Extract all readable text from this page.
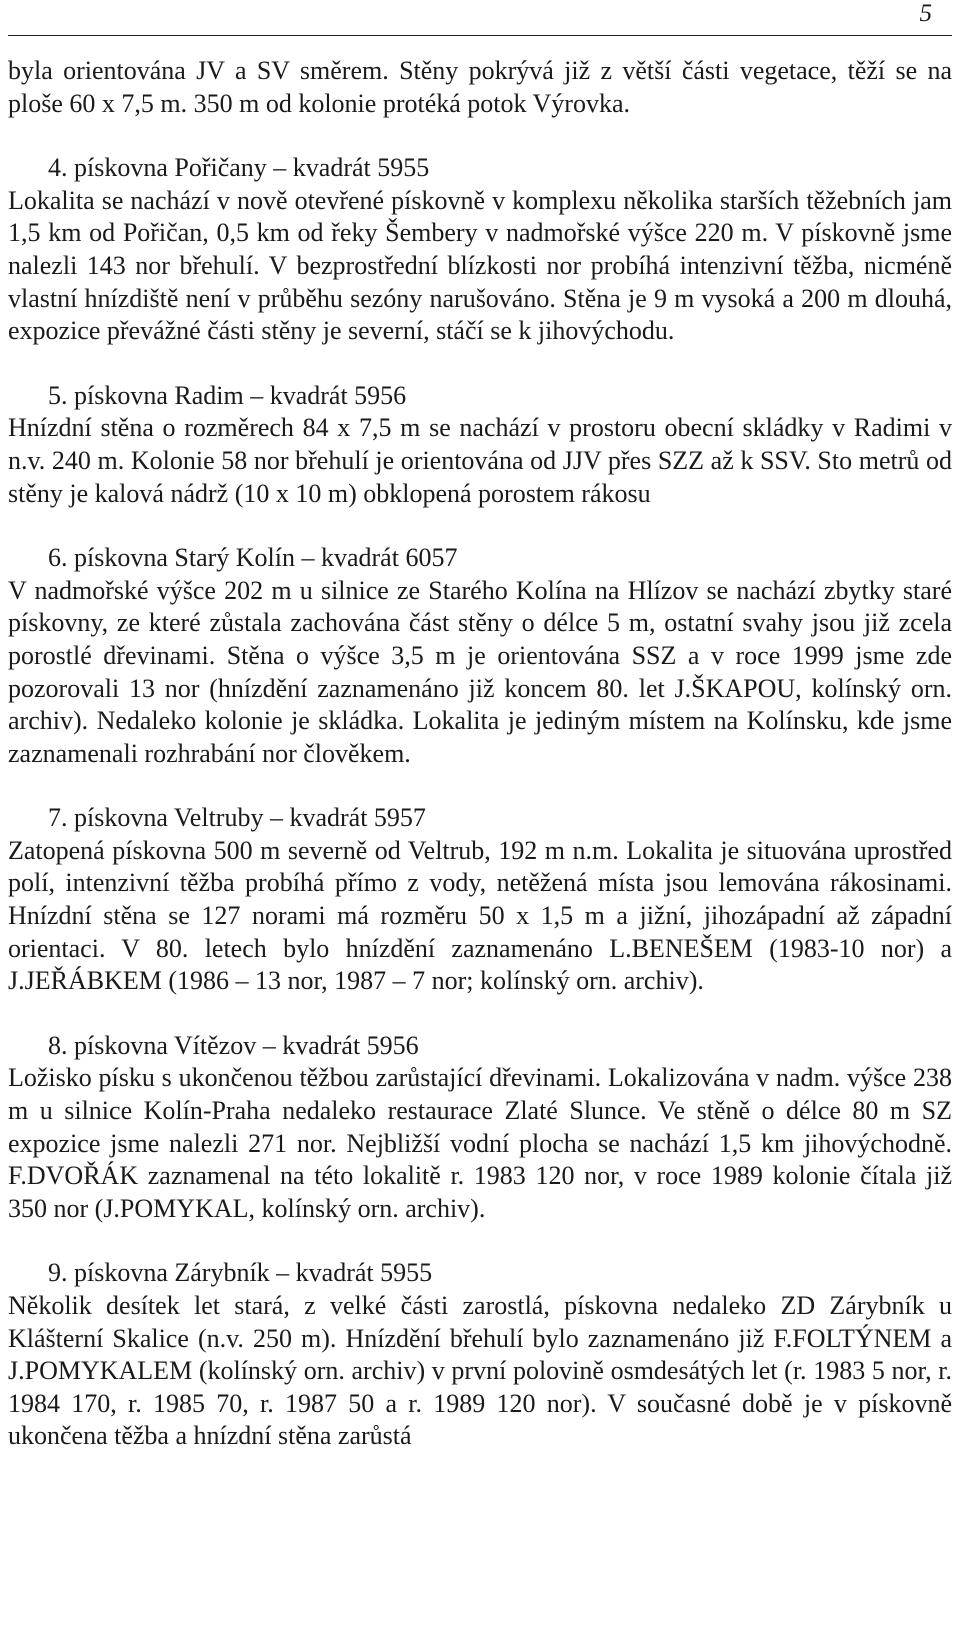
5

byla orientována JV a SV směrem. Stěny pokrývá již z větší části vegetace, těží se na ploše 60 x 7,5 m. 350 m od kolonie protéká potok Výrovka.

4. pískovna Pořičany – kvadrát 5955

Lokalita se nachází v nově otevřené pískovně v komplexu několika starších těžebních jam 1,5 km od Pořičan, 0,5 km od řeky Šembery v nadmořské výšce 220 m. V pískovně jsme nalezli 143 nor břehulí. V bezprostřední blízkosti nor probíhá intenzivní těžba, nicméně vlastní hnízdiště není v průběhu sezóny narušováno. Stěna je 9 m vysoká a 200 m dlouhá, expozice převážné části stěny je severní, stáčí se k jihovýchodu.

5. pískovna Radim – kvadrát 5956

Hnízdní stěna o rozměrech 84 x 7,5 m se nachází v prostoru obecní skládky v Radimi v n.v. 240 m. Kolonie 58 nor břehulí je orientována od JJV přes SZZ až k SSV. Sto metrů od stěny je kalová nádrž (10 x 10 m) obklopená porostem rákosu

6. pískovna Starý Kolín – kvadrát 6057

V nadmořské výšce 202 m u silnice ze Starého Kolína na Hlízov se nachází zbytky staré pískovny, ze které zůstala zachována část stěny o délce 5 m, ostatní svahy jsou již zcela porostlé dřevinami. Stěna o výšce 3,5 m je orientována SSZ a v roce 1999 jsme zde pozorovali 13 nor (hnízdění zaznamenáno již koncem 80. let J.ŠKAPOU, kolínský orn. archiv). Nedaleko kolonie je skládka. Lokalita je jediným místem na Kolínsku, kde jsme zaznamenali rozhrabání nor člověkem.

7. pískovna Veltruby – kvadrát 5957

Zatopená pískovna 500 m severně od Veltrub, 192 m n.m. Lokalita je situována uprostřed polí, intenzivní těžba probíhá přímo z vody, netěžená místa jsou lemována rákosinami. Hnízdní stěna se 127 norami má rozměru 50 x 1,5 m a jižní, jihozápadní až západní orientaci. V 80. letech bylo hnízdění zaznamenáno L.BENEŠEM (1983-10 nor) a J.JEŘÁBKEM (1986 – 13 nor, 1987 – 7 nor; kolínský orn. archiv).

8. pískovna Vítězov – kvadrát 5956

Ložisko písku s ukončenou těžbou zarůstající dřevinami. Lokalizována v nadm. výšce 238 m u silnice Kolín-Praha nedaleko restaurace Zlaté Slunce. Ve stěně o délce 80 m SZ expozice jsme nalezli 271 nor. Nejbližší vodní plocha se nachází 1,5 km jihovýchodně. F.DVOŘÁK zaznamenal na této lokalitě r. 1983 120 nor, v roce 1989 kolonie čítala již 350 nor (J.POMYKAL, kolínský orn. archiv).

9. pískovna Zárybník – kvadrát 5955

Několik desítek let stará, z velké části zarostlá, pískovna nedaleko ZD Zárybník u Klášterní Skalice (n.v. 250 m). Hnízdění břehulí bylo zaznamenáno již F.FOLTÝNEM a J.POMYKALEM (kolínský orn. archiv) v první polovině osmdesátých let (r. 1983 5 nor, r. 1984 170, r. 1985 70, r. 1987 50 a r. 1989 120 nor). V současné době je v pískovně ukončena těžba a hnízdní stěna zarůstá
